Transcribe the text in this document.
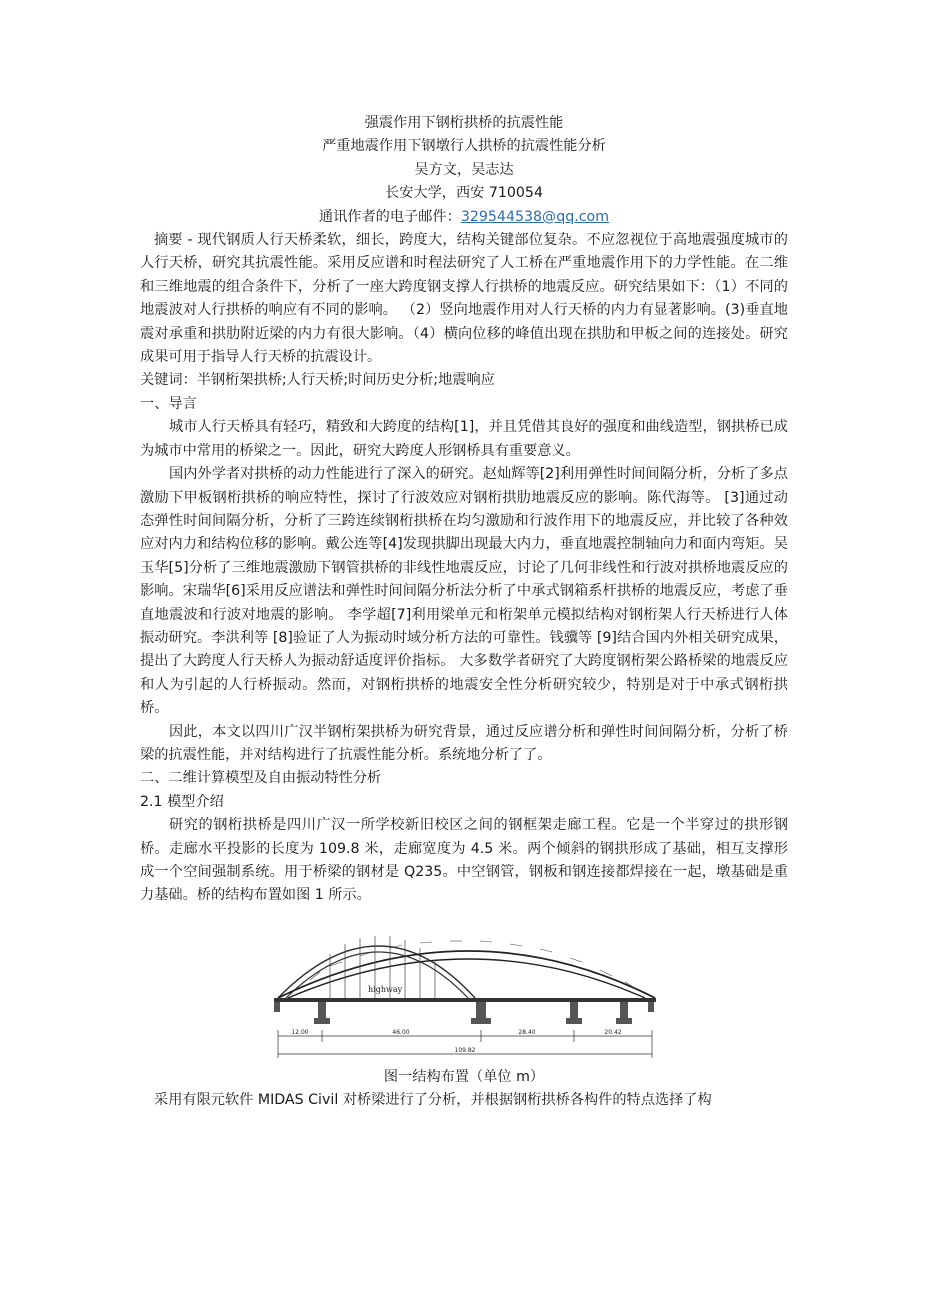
强震作用下钢桁拱桥的抗震性能
严重地震作用下钢墩行人拱桥的抗震性能分析
吴方文，吴志达
长安大学，西安 710054
通讯作者的电子邮件：329544538@qq.com

摘要 - 现代钢质人行天桥柔软，细长，跨度大，结构关键部位复杂。不应忽视位于高地震强度城市的人行天桥，研究其抗震性能。采用反应谱和时程法研究了人工桥在严重地震作用下的力学性能。在二维和三维地震的组合条件下，分析了一座大跨度钢支撑人行拱桥的地震反应。研究结果如下：（1）不同的地震波对人行拱桥的响应有不同的影响。 （2）竖向地震作用对人行天桥的内力有显著影响。(3)垂直地震对承重和拱肋附近梁的内力有很大影响。（4）横向位移的峰值出现在拱肋和甲板之间的连接处。研究成果可用于指导人行天桥的抗震设计。

关键词：半钢桁架拱桥;人行天桥;时间历史分析;地震响应

一、导言

城市人行天桥具有轻巧，精致和大跨度的结构[1]，并且凭借其良好的强度和曲线造型，钢拱桥已成为城市中常用的桥梁之一。因此，研究大跨度人形钢桥具有重要意义。

国内外学者对拱桥的动力性能进行了深入的研究。赵灿辉等[2]利用弹性时间间隔分析，分析了多点激励下甲板钢桁拱桥的响应特性，探讨了行波效应对钢桁拱肋地震反应的影响。陈代海等。 [3]通过动态弹性时间间隔分析，分析了三跨连续钢桁拱桥在均匀激励和行波作用下的地震反应，并比较了各种效应对内力和结构位移的影响。戴公连等[4]发现拱脚出现最大内力，垂直地震控制轴向力和面内弯矩。吴玉华[5]分析了三维地震激励下钢管拱桥的非线性地震反应，讨论了几何非线性和行波对拱桥地震反应的影响。宋瑞华[6]采用反应谱法和弹性时间间隔分析法分析了中承式钢箱系杆拱桥的地震反应，考虑了垂直地震波和行波对地震的影响。 李学超[7]利用梁单元和桁架单元模拟结构对钢桁架人行天桥进行人体振动研究。李洪利等 [8]验证了人为振动时域分析方法的可靠性。钱骥等 [9]结合国内外相关研究成果，提出了大跨度人行天桥人为振动舒适度评价指标。 大多数学者研究了大跨度钢桁架公路桥梁的地震反应和人为引起的人行桥振动。然而，对钢桁拱桥的地震安全性分析研究较少，特别是对于中承式钢桁拱桥。

因此，本文以四川广汉半钢桁架拱桥为研究背景，通过反应谱分析和弹性时间间隔分析，分析了桥梁的抗震性能，并对结构进行了抗震性能分析。系统地分析了了。

二、二维计算模型及自由振动特性分析

2.1 模型介绍

研究的钢桁拱桥是四川广汉一所学校新旧校区之间的钢框架走廊工程。它是一个半穿过的拱形钢桥。走廊水平投影的长度为 109.8 米，走廊宽度为 4.5 米。两个倾斜的钢拱形成了基础，相互支撑形成一个空间强制系统。用于桥梁的钢材是 Q235。中空钢管，钢板和钢连接都焊接在一起，墩基础是重力基础。桥的结构布置如图 1 所示。

highway
12.00	46.00	28.40	20.42
109.82
图一结构布置（单位 m）

采用有限元软件 MIDAS Civil 对桥梁进行了分析，并根据钢桁拱桥各构件的特点选择了构
